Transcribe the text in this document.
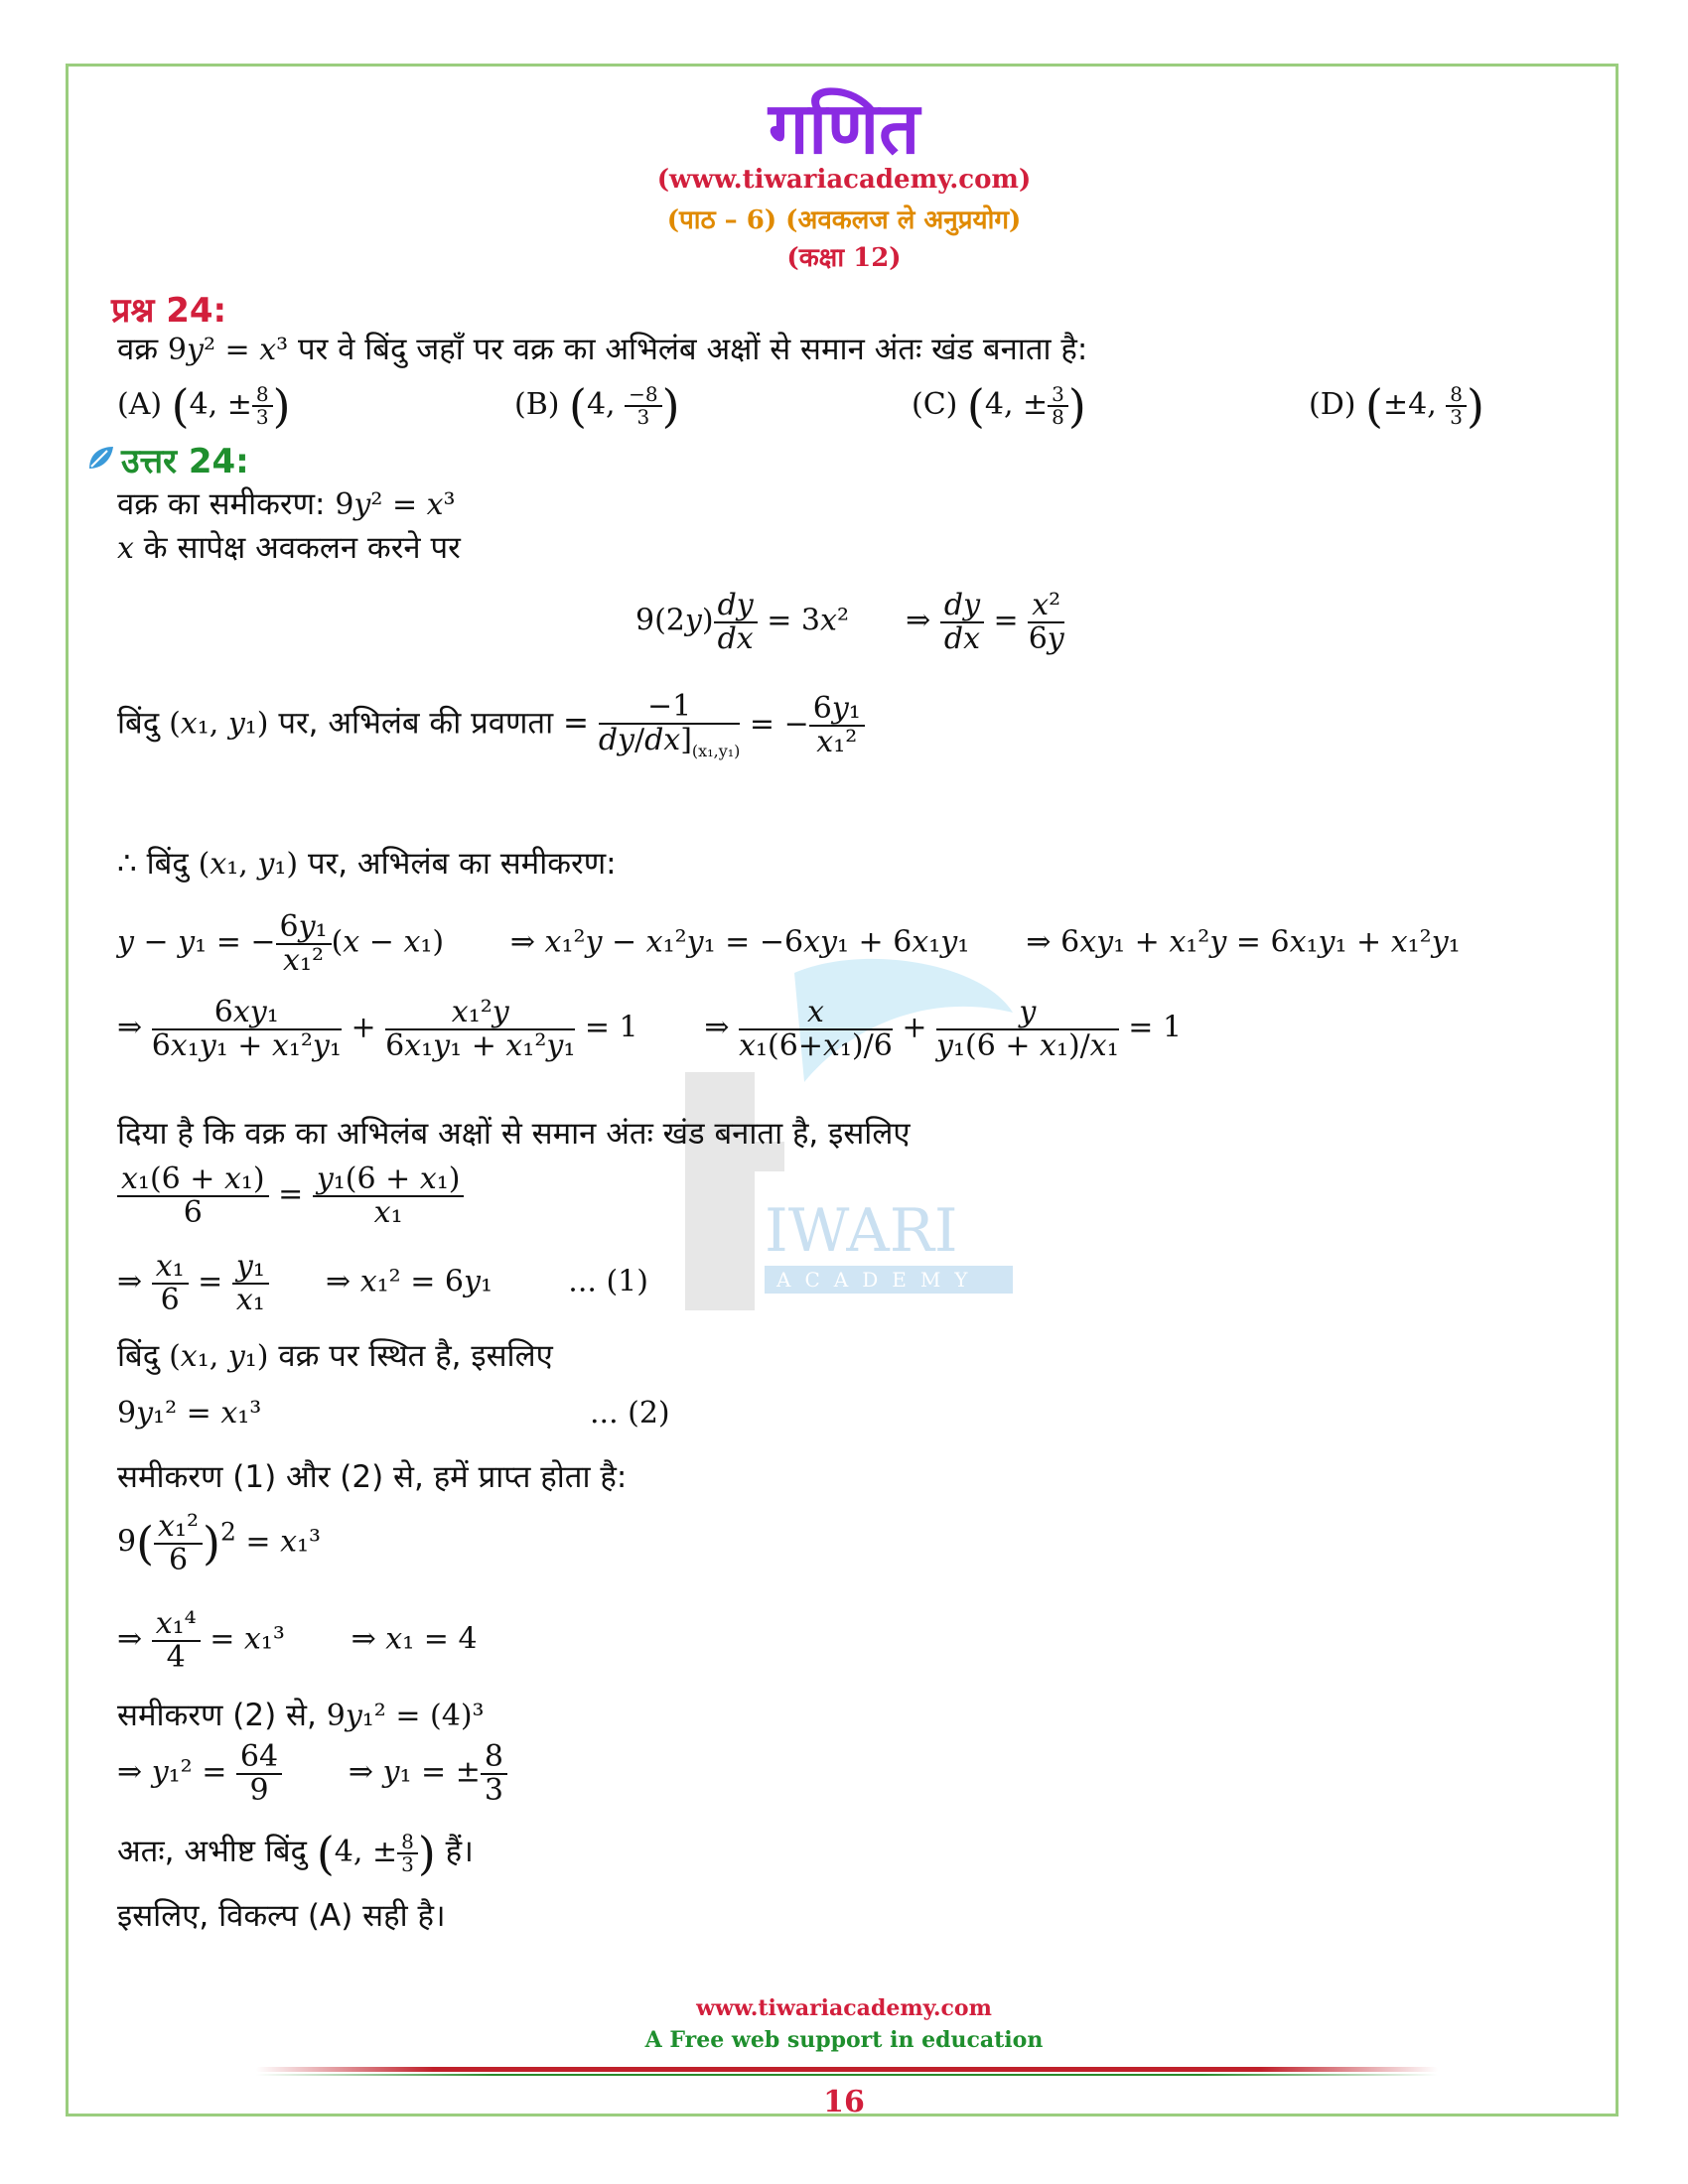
IWARI
ACADEMY
गणित
(www.tiwariacademy.com)
(पाठ – 6) (अवकलज ले अनुप्रयोग)
(कक्षा 12)
प्रश्न 24:
वक्र 9y² = x³ पर वे बिंदु जहाँ पर वक्र का अभिलंब अक्षों से समान अंतः खंड बनाता है:
(A) (4, ± $\frac{8}{3}$ )	(B) (4, $\frac{-8}{3}$ )	(C) (4, ± $\frac{3}{8}$ )	(D) (±4, $\frac{8}{3}$ )
उत्तर 24:
वक्र का समीकरण: 9y² = x³
x के सापेक्ष अवकलन करने पर
$9(2y) \frac{dy}{dx} = 3x^2$      ⇒ $\frac{dy}{dx} = \frac{\text{x²}}{6y}$
बिंदु (x₁, y₁) पर, अभिलंब की प्रवणता = $\frac{-1}{dy/dx]_{(x_1,y_1)}}$ = − $\frac{\text{6y₁}}{\text{x₁²}}$
∴ बिंदु (x₁, y₁) पर, अभिलंब का समीकरण:
y − y₁ = − $\frac{\text{6y₁}}{\text{x₁²}} (x - x_1)$       ⇒ x₁²y − x₁²y₁ = −6xy₁ + 6x₁y₁      ⇒ 6xy₁ + x₁²y = 6x₁y₁ + x₁²y₁
⇒ $\frac{\text{6xy₁}}{\text{6x₁y₁ + x₁²y₁}} + \frac{\text{x₁²y}}{\text{6x₁y₁ + x₁²y₁}} = 1$       ⇒ $\frac{x}{\text{x₁(6+x₁)/6}} + \frac{y}{\text{y₁(6 + x₁)/x₁}} = 1$
दिया है कि वक्र का अभिलंब अक्षों से समान अंतः खंड बनाता है, इसलिए
$\frac{\text{x₁(6 + x₁)}}{6} = \frac{\text{y₁(6 + x₁)}}{\text{x₁}}$
⇒ $\frac{\text{x₁}}{6} = \frac{\text{y₁}}{\text{x₁}}$ ⇒ x₁² = 6y₁        ... (1)
बिंदु (x₁, y₁) वक्र पर स्थित है, इसलिए
9y₁² = x₁³	... (2)
समीकरण (1) और (2) से, हमें प्राप्त होता है:
$9( \frac{\text{x₁²}}{6} )^2 = x_1^3$
⇒ $\frac{\text{x₁⁴}}{4} = x_1^3$       ⇒ x₁ = 4
समीकरण (2) से, 9y₁² = (4)³
⇒ $y_1^2 = \frac{64}{9}$ ⇒ y₁ = ± $\frac{8}{3}$
अतः, अभीष्ट बिंदु (4, ± $\frac{8}{3}$ ) हैं।
इसलिए, विकल्प (A) सही है।
www.tiwariacademy.com
A Free web support in education
16
